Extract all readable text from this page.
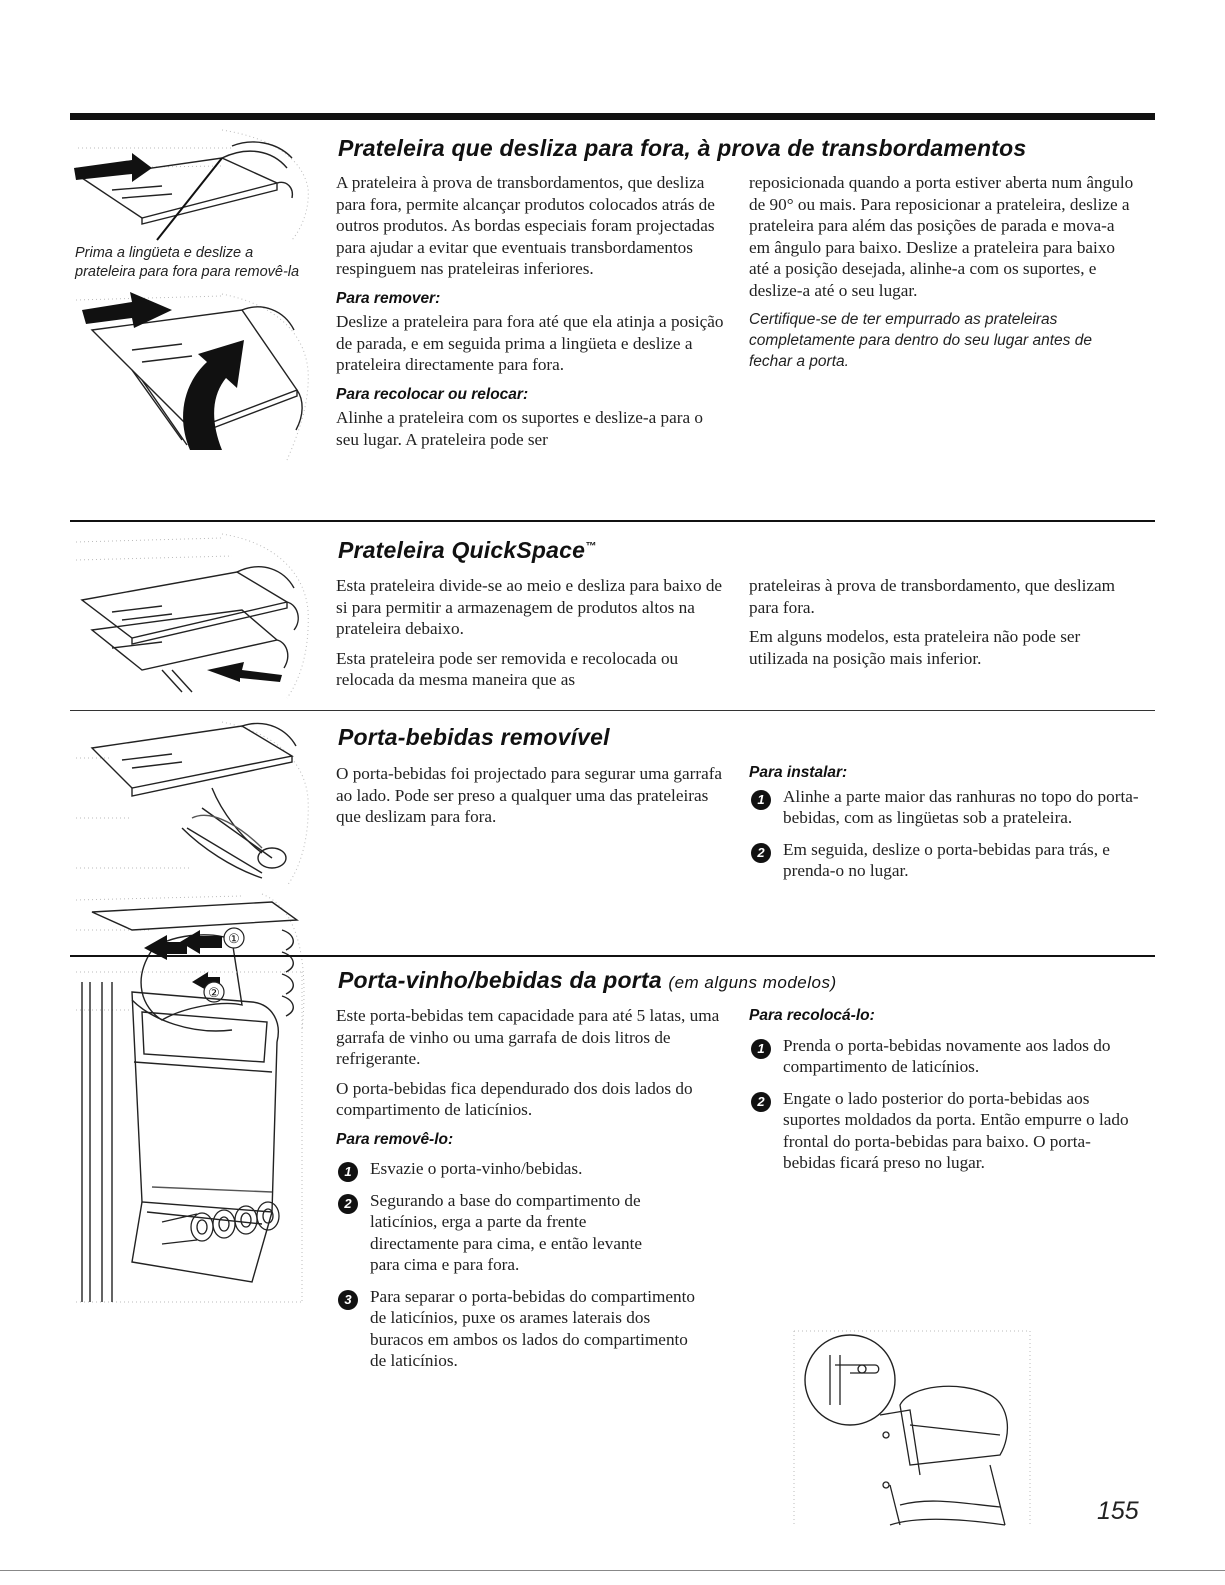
Prima a lingüeta e deslize a prateleira para fora para removê-la
Prateleira que desliza para fora, à prova de transbordamentos

A prateleira à prova de transbordamentos, que desliza para fora, permite alcançar produtos colocados atrás de outros produtos. As bordas especiais foram projectadas para ajudar a evitar que eventuais transbordamentos respinguem nas prateleiras inferiores.

Para remover:

Deslize a prateleira para fora até que ela atinja a posição de parada, e em seguida prima a lingüeta e deslize a prateleira directamente para fora.

Para recolocar ou relocar:

Alinhe a prateleira com os suportes e deslize-a para o seu lugar. A prateleira pode ser

reposicionada quando a porta estiver aberta num ângulo de 90° ou mais. Para reposicionar a prateleira, deslize a prateleira para além das posições de parada e mova-a em ângulo para baixo. Deslize a prateleira para baixo até a posição desejada, alinhe-a com os suportes, e deslize-a até o seu lugar.

Certifique-se de ter empurrado as prateleiras completamente para dentro do seu lugar antes de fechar a porta.

Prateleira QuickSpace™

Esta prateleira divide-se ao meio e desliza para baixo de si para permitir a armazenagem de produtos altos na prateleira debaixo.

Esta prateleira pode ser removida e recolocada ou relocada da mesma maneira que as

prateleiras à prova de transbordamento, que deslizam para fora.

Em alguns modelos, esta prateleira não pode ser utilizada na posição mais inferior.

①
②
Porta-bebidas removível

O porta-bebidas foi projectado para segurar uma garrafa ao lado. Pode ser preso a qualquer uma das prateleiras que deslizam para fora.

Para instalar:
1	Alinhe a parte maior das ranhuras no topo do porta-bebidas, com as lingüetas sob a prateleira.
2	Em seguida, deslize o porta-bebidas para trás, e prenda-o no lugar.
Porta-vinho/bebidas da porta (em alguns modelos)

Este porta-bebidas tem capacidade para até 5 latas, uma garrafa de vinho ou uma garrafa de dois litros de refrigerante.

O porta-bebidas fica dependurado dos dois lados do compartimento de laticínios.

Para removê-lo:
1	Esvazie o porta-vinho/bebidas.
2	Segurando a base do compartimento de laticínios, erga a parte da frente directamente para cima, e então levante para cima e para fora.
3	Para separar o porta-bebidas do compartimento de laticínios, puxe os arames laterais dos buracos em ambos os lados do compartimento de laticínios.
Para recolocá-lo:
1	Prenda o porta-bebidas novamente aos lados do compartimento de laticínios.
2	Engate o lado posterior do porta-bebidas aos suportes moldados da porta. Então empurre o lado frontal do porta-bebidas para baixo. O porta-bebidas ficará preso no lugar.
155
